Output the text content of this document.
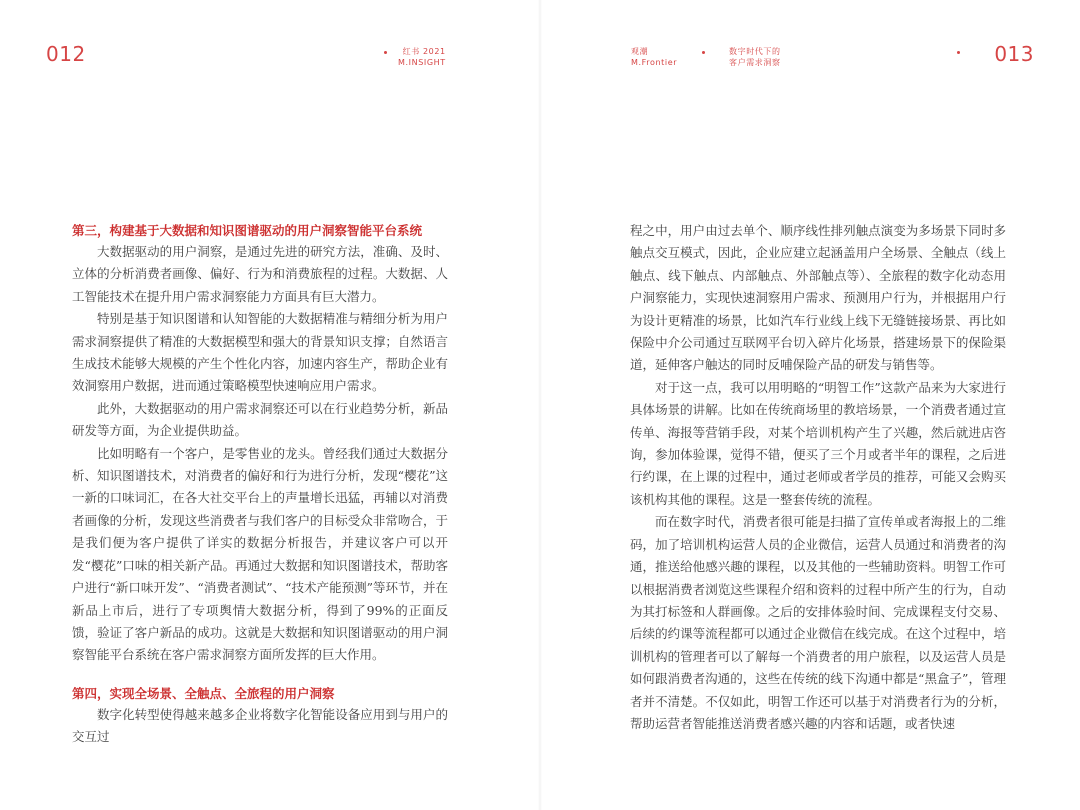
012	红书 2021
M.INSIGHT

第三，构建基于大数据和知识图谱驱动的用户洞察智能平台系统

大数据驱动的用户洞察，是通过先进的研究方法，准确、及时、立体的分析消费者画像、偏好、行为和消费旅程的过程。大数据、人工智能技术在提升用户需求洞察能力方面具有巨大潜力。

特别是基于知识图谱和认知智能的大数据精准与精细分析为用户需求洞察提供了精准的大数据模型和强大的背景知识支撑；自然语言生成技术能够大规模的产生个性化内容，加速内容生产，帮助企业有效洞察用户数据，进而通过策略模型快速响应用户需求。

此外，大数据驱动的用户需求洞察还可以在行业趋势分析，新品研发等方面，为企业提供助益。

比如明略有一个客户，是零售业的龙头。曾经我们通过大数据分析、知识图谱技术，对消费者的偏好和行为进行分析，发现“樱花”这一新的口味词汇，在各大社交平台上的声量增长迅猛，再辅以对消费者画像的分析，发现这些消费者与我们客户的目标受众非常吻合，于是我们便为客户提供了详实的数据分析报告，并建议客户可以开发“樱花”口味的相关新产品。再通过大数据和知识图谱技术，帮助客户进行“新口味开发”、“消费者测试”、“技术产能预测”等环节，并在新品上市后，进行了专项舆情大数据分析，得到了99%的正面反馈，验证了客户新品的成功。这就是大数据和知识图谱驱动的用户洞察智能平台系统在客户需求洞察方面所发挥的巨大作用。

第四，实现全场景、全触点、全旅程的用户洞察

数字化转型使得越来越多企业将数字化智能设备应用到与用户的交互过

观潮
M.Frontier
数字时代下的
客户需求洞察	013

程之中，用户由过去单个、顺序线性排列触点演变为多场景下同时多触点交互模式，因此，企业应建立起涵盖用户全场景、全触点（线上触点、线下触点、内部触点、外部触点等）、全旅程的数字化动态用户洞察能力，实现快速洞察用户需求、预测用户行为，并根据用户行为设计更精准的场景，比如汽车行业线上线下无缝链接场景、再比如保险中介公司通过互联网平台切入碎片化场景，搭建场景下的保险渠道，延伸客户触达的同时反哺保险产品的研发与销售等。

对于这一点，我可以用明略的“明智工作”这款产品来为大家进行具体场景的讲解。比如在传统商场里的教培场景，一个消费者通过宣传单、海报等营销手段，对某个培训机构产生了兴趣，然后就进店咨询，参加体验课，觉得不错，便买了三个月或者半年的课程，之后进行约课，在上课的过程中，通过老师或者学员的推荐，可能又会购买该机构其他的课程。这是一整套传统的流程。

而在数字时代，消费者很可能是扫描了宣传单或者海报上的二维码，加了培训机构运营人员的企业微信，运营人员通过和消费者的沟通，推送给他感兴趣的课程，以及其他的一些辅助资料。明智工作可以根据消费者浏览这些课程介绍和资料的过程中所产生的行为，自动为其打标签和人群画像。之后的安排体验时间、完成课程支付交易、后续的约课等流程都可以通过企业微信在线完成。在这个过程中，培训机构的管理者可以了解每一个消费者的用户旅程，以及运营人员是如何跟消费者沟通的，这些在传统的线下沟通中都是“黑盒子”，管理者并不清楚。不仅如此，明智工作还可以基于对消费者行为的分析，帮助运营者智能推送消费者感兴趣的内容和话题，或者快速
